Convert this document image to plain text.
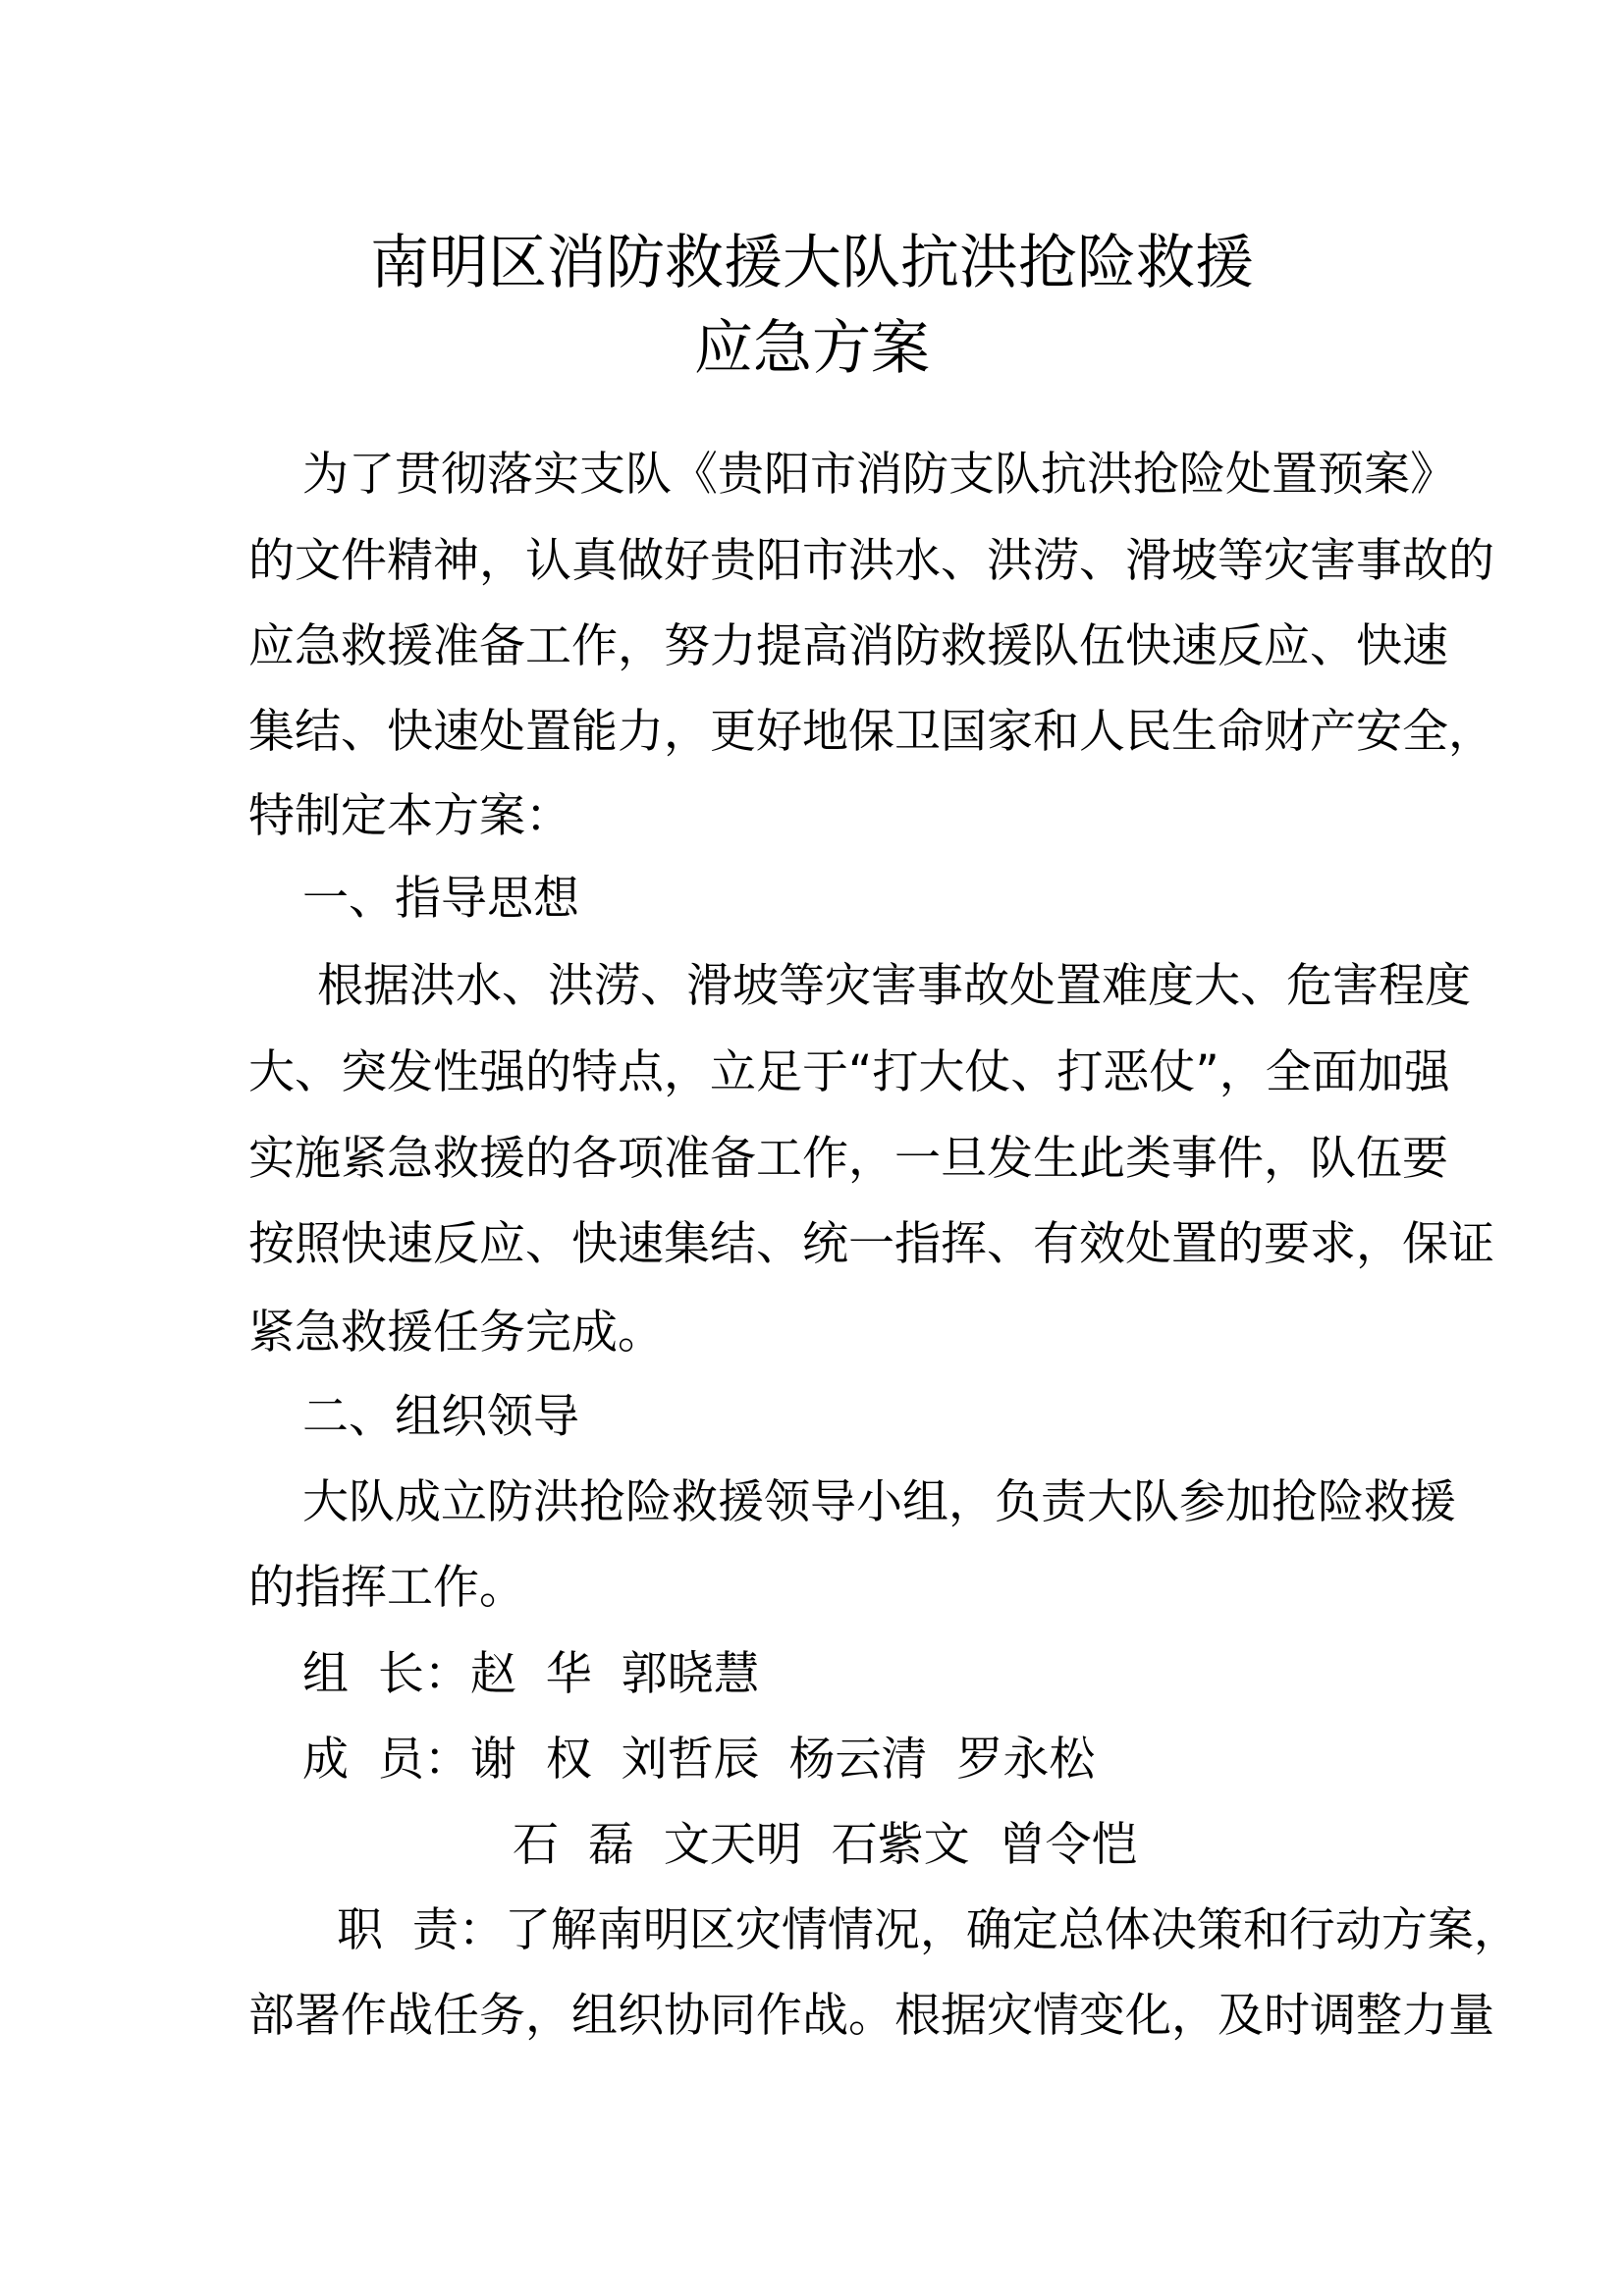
南明区消防救援大队抗洪抢险救援
应急方案
为了贯彻落实支队《贵阳市消防支队抗洪抢险处置预案》
的文件精神，认真做好贵阳市洪水、洪涝、滑坡等灾害事故的
应急救援准备工作，努力提高消防救援队伍快速反应、快速
集结、快速处置能力，更好地保卫国家和人民生命财产安全，
特制定本方案：
一、指导思想
根据洪水、洪涝、滑坡等灾害事故处置难度大、危害程度
大、突发性强的特点，立足于“打大仗、打恶仗”，全面加强
实施紧急救援的各项准备工作，一旦发生此类事件，队伍要
按照快速反应、快速集结、统一指挥、有效处置的要求，保证
紧急救援任务完成。
二、组织领导
大队成立防洪抢险救援领导小组，负责大队参加抢险救援
的指挥工作。
组  长：赵  华  郭晓慧
成  员：谢  权  刘哲辰  杨云清  罗永松
石  磊  文天明  石紫文  曾令恺
职  责：了解南明区灾情情况，确定总体决策和行动方案，
部署作战任务，组织协同作战。根据灾情变化，及时调整力量
